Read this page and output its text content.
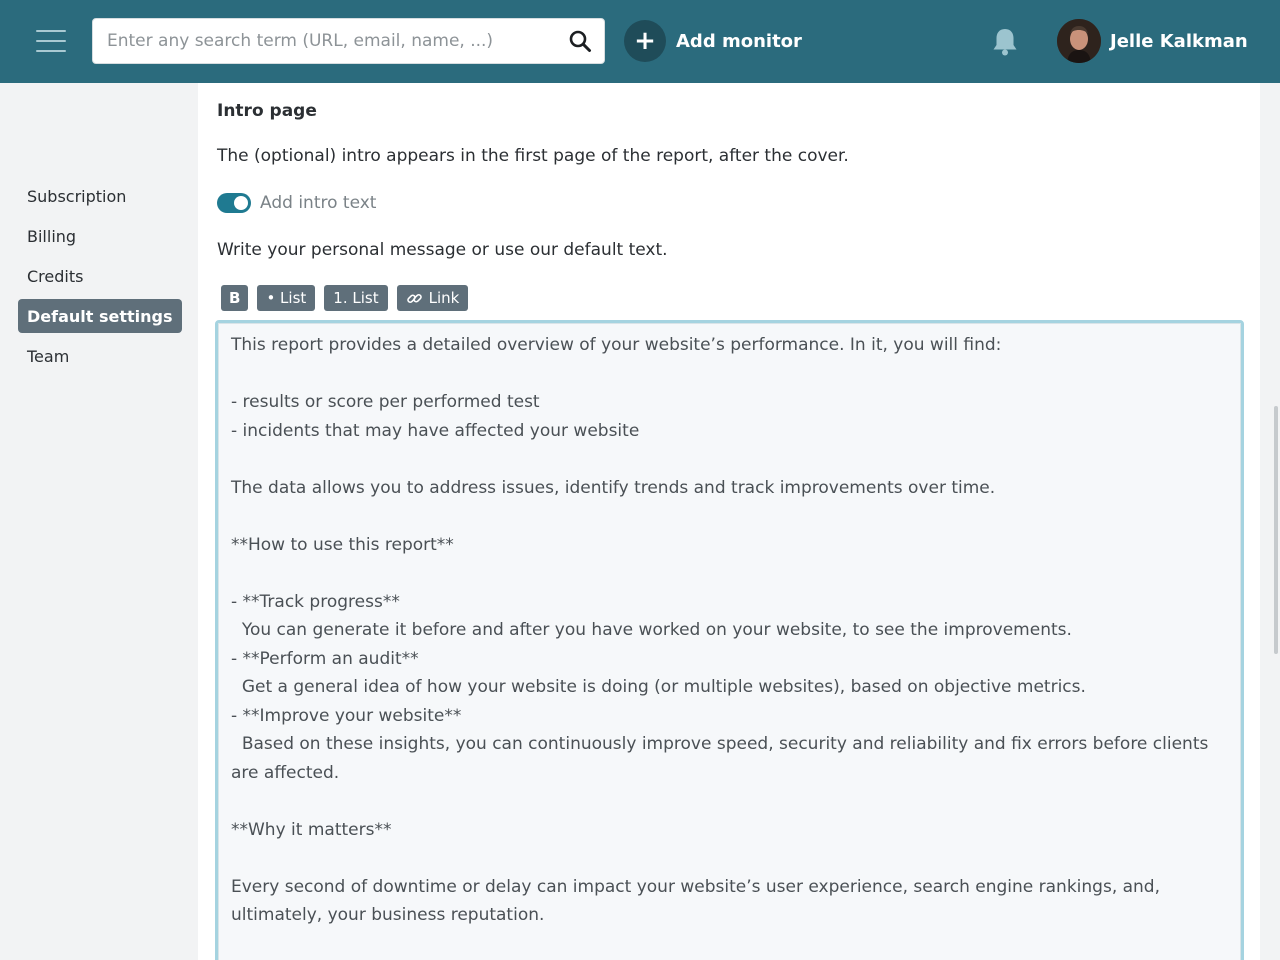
Enter any search term (URL, email, name, ...)
+	Add monitor	Jelle Kalkman
Subscription
Billing
Credits
Default settings
Team
Intro page
The (optional) intro appears in the first page of the report, after the cover.
Add intro text
Write your personal message or use our default text.
B	• List	1. List	Link
This report provides a detailed overview of your website’s performance. In it, you will find:

- results or score per performed test
- incidents that may have affected your website

The data allows you to address issues, identify trends and track improvements over time.

**How to use this report**

- **Track progress**
You can generate it before and after you have worked on your website, to see the improvements.
- **Perform an audit**
Get a general idea of how your website is doing (or multiple websites), based on objective metrics.
- **Improve your website**
Based on these insights, you can continuously improve speed, security and reliability and fix errors before clients are affected.

**Why it matters**

Every second of downtime or delay can impact your website’s user experience, search engine rankings, and, ultimately, your business reputation.
